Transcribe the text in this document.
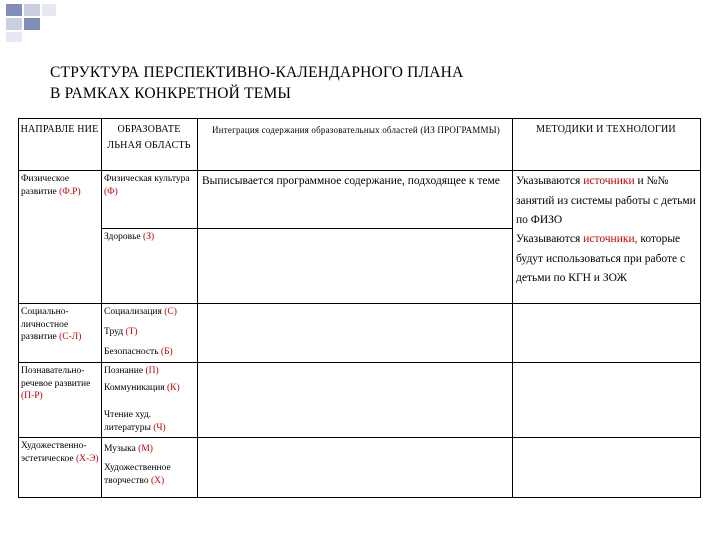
СТРУКТУРА ПЕРСПЕКТИВНО-КАЛЕНДАРНОГО ПЛАНА
В РАМКАХ КОНКРЕТНОЙ ТЕМЫ
НАПРАВЛЕ НИЕ	ОБРАЗОВАТЕ ЛЬНАЯ ОБЛАСТЬ
Интеграция содержания образовательных областей (ИЗ ПРОГРАММЫ)	МЕТОДИКИ И ТЕХНОЛОГИИ
Физическое развитие (Ф.Р)
Социально-личностное развитие (С-Л)
Познавательно-речевое развитие (П-Р)
Художественно-эстетическое (Х-Э)
Физическая культура (Ф)
Здоровье (З)
Социализация (С)
Труд (Т)
Безопасность (Б)
Познание (П)
Коммуникация (К)
Чтение худ. литературы (Ч)
Музыка (М)
Художественное творчество (Х)
Выписывается программное содержание, подходящее к теме Указываются источники и №№ занятий из системы работы с детьми по ФИЗО
Указываются источники, которые будут использоваться при работе с детьми по КГН и ЗОЖ
